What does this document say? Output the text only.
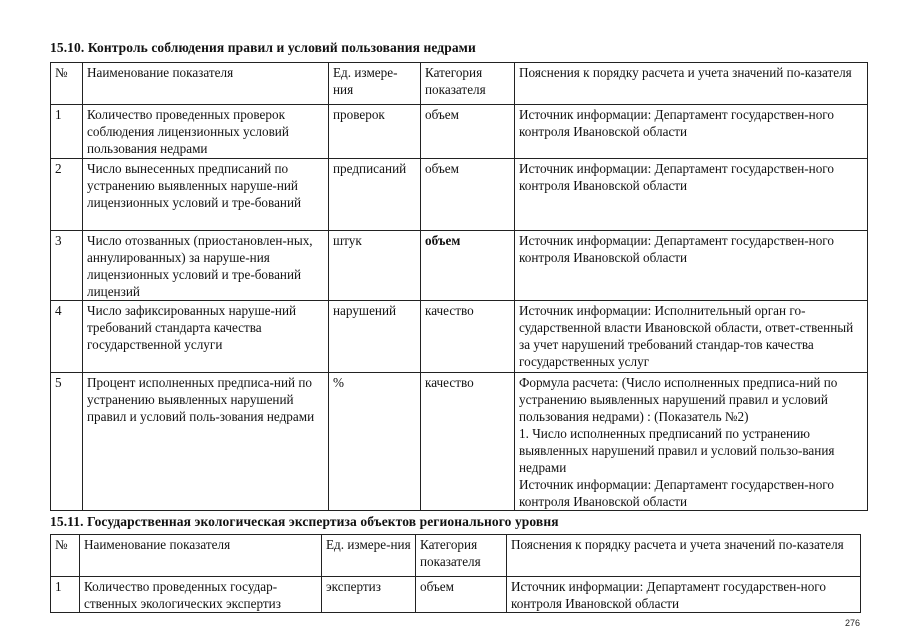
15.10. Контроль соблюдения правил и условий пользования недрами
№	Наименование показателя	Ед. измере-ния	Категория показателя	Пояснения к порядку расчета и учета значений по-казателя
1	Количество проведенных проверок соблюдения лицензионных условий пользования недрами	проверок	объем	Источник информации: Департамент государствен-ного контроля Ивановской области
2	Число вынесенных предписаний по устранению выявленных наруше-ний лицензионных условий и тре-бований	предписаний	объем	Источник информации: Департамент государствен-ного контроля Ивановской области
3	Число отозванных (приостановлен-ных, аннулированных) за наруше-ния лицензионных условий и тре-бований лицензий	штук	объем	Источник информации: Департамент государствен-ного контроля Ивановской области
4	Число зафиксированных наруше-ний требований стандарта качества государственной услуги	нарушений	качество	Источник информации: Исполнительный орган го-сударственной власти Ивановской области, ответ-ственный за учет нарушений требований стандар-тов качества государственных услуг
5	Процент исполненных предписа-ний по устранению выявленных нарушений правил и условий поль-зования недрами	%	качество	Формула расчета: (Число исполненных предписа-ний по устранению выявленных нарушений правил и условий пользования недрами) : (Показатель №2)
1. Число исполненных предписаний по устранению выявленных нарушений правил и условий пользо-вания недрами
Источник информации: Департамент государствен-ного контроля Ивановской области
15.11. Государственная экологическая экспертиза объектов регионального уровня
№	Наименование показателя	Ед. измере-ния	Категория показателя	Пояснения к порядку расчета и учета значений по-казателя
1	Количество проведенных государ-ственных экологических экспертиз	экспертиз	объем	Источник информации: Департамент государствен-ного контроля Ивановской области
276
